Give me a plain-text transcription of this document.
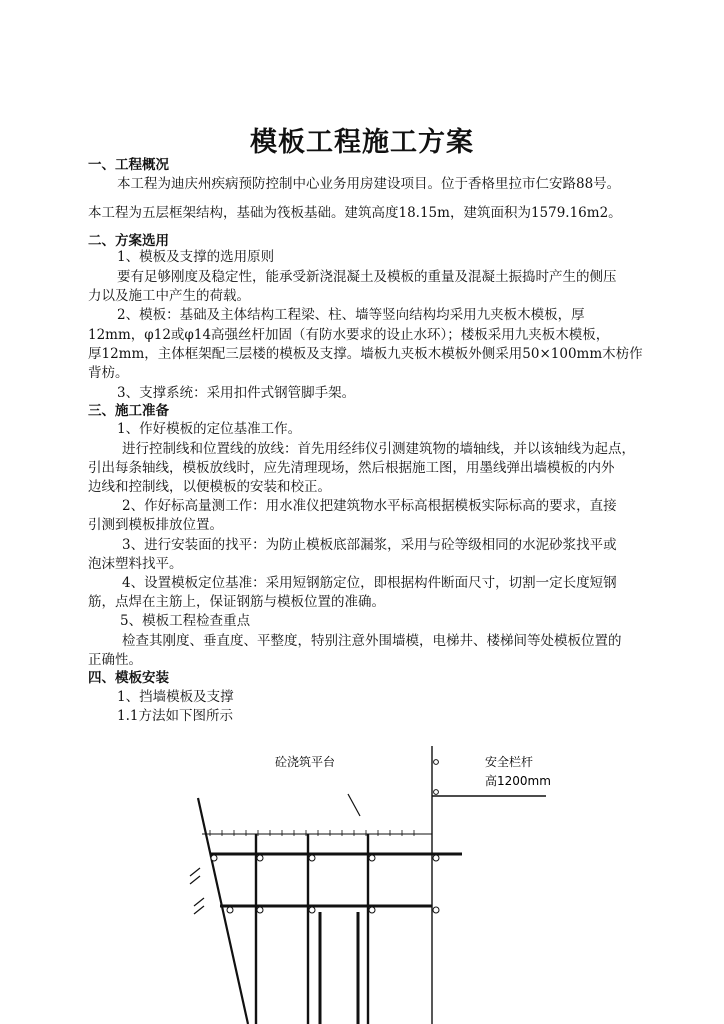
模板工程施工方案
一、工程概况
本工程为迪庆州疾病预防控制中心业务用房建设项目。位于香格里拉市仁安路88号。
本工程为五层框架结构，基础为筏板基础。建筑高度18.15m，建筑面积为1579.16m2。
二、方案选用
1、模板及支撑的选用原则
要有足够刚度及稳定性，能承受新浇混凝土及模板的重量及混凝土振捣时产生的侧压
力以及施工中产生的荷载。
2、模板：基础及主体结构工程梁、柱、墙等竖向结构均采用九夹板木模板，厚
12mm，φ12或φ14高强丝杆加固（有防水要求的设止水环）；楼板采用九夹板木模板，
厚12mm，主体框架配三层楼的模板及支撑。墙板九夹板木模板外侧采用50×100mm木枋作
背枋。
3、支撑系统：采用扣件式钢管脚手架。
三、施工准备
1、作好模板的定位基准工作。
进行控制线和位置线的放线：首先用经纬仪引测建筑物的墙轴线，并以该轴线为起点，
引出每条轴线，模板放线时，应先清理现场，然后根据施工图，用墨线弹出墙模板的内外
边线和控制线，以便模板的安装和校正。
2、作好标高量测工作：用水准仪把建筑物水平标高根据模板实际标高的要求，直接
引测到模板排放位置。
3、进行安装面的找平：为防止模板底部漏浆，采用与砼等级相同的水泥砂浆找平或
泡沫塑料找平。
4、设置模板定位基准：采用短钢筋定位，即根据构件断面尺寸，切割一定长度短钢
筋，点焊在主筋上，保证钢筋与模板位置的准确。
5、模板工程检查重点
检查其刚度、垂直度、平整度，特别注意外围墙模，电梯井、楼梯间等处模板位置的
正确性。
四、模板安装
1、挡墙模板及支撑
1.1方法如下图所示
砼浇筑平台	安全栏杆
高1200mm
